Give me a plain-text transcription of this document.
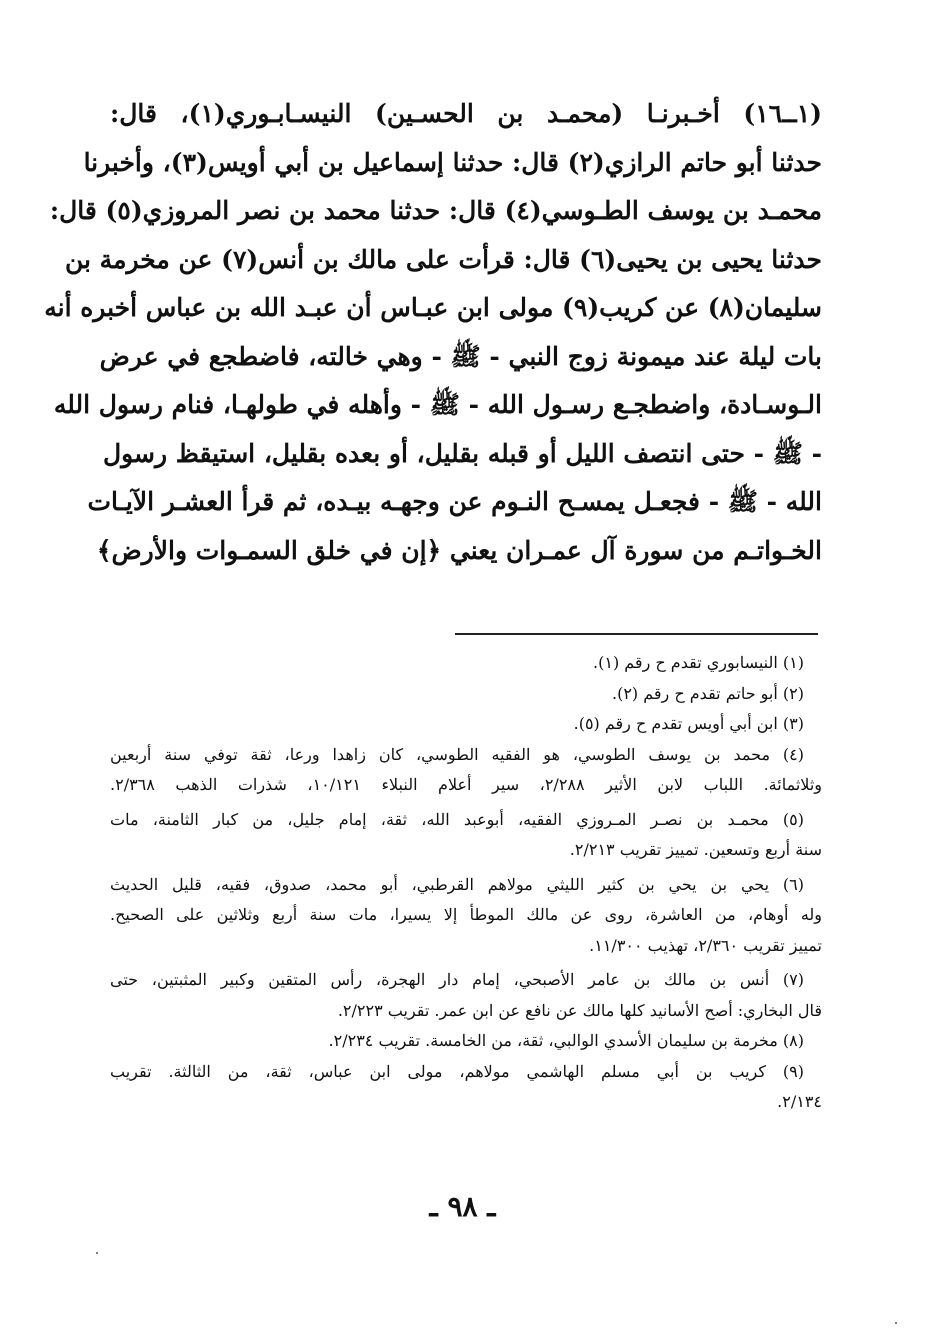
(١ــ١٦) أخـبرنـا (محمـد بن الحسـين) النيسـابـوري(١)، قال:
حدثنا أبو حاتم الرازي(٢) قال: حدثنا إسماعيل بن أبي أويس(٣)، وأخبرنا
محمـد بن يوسف الطـوسي(٤) قال: حدثنا محمد بن نصر المروزي(٥) قال:
حدثنا يحيى بن يحيى(٦) قال: قرأت على مالك بن أنس(٧) عن مخرمة بن
سليمان(٨) عن كريب(٩) مولى ابن عبـاس أن عبـد الله بن عباس أخبره أنه
بات ليلة عند ميمونة زوج النبي - ﷺ - وهي خالته، فاضطجع في عرض
الـوسـادة، واضطجـع رسـول الله - ﷺ - وأهله في طولهـا، فنام رسول الله
- ﷺ - حتى انتصف الليل أو قبله بقليل، أو بعده بقليل، استيقظ رسول
الله - ﷺ - فجعـل يمسـح النـوم عن وجهـه بيـده، ثم قرأ العشـر الآيـات
الخـواتـم من سورة آل عمـران يعني ﴿إن في خلق السمـوات والأرض﴾
(١) النيسابوري تقدم ح رقم (١).
(٢) أبو حاتم تقدم ح رقم (٢).
(٣) ابن أبي أويس تقدم ح رقم (٥).
(٤) محمد بن يوسف الطوسي، هو الفقيه الطوسي، كان زاهدا ورعا، ثقة توفي سنة أربعين
وثلاثمائة. اللباب لابن الأثير ٢/٢٨٨، سير أعلام النبلاء ١٠/١٢١، شذرات الذهب ٢/٣٦٨.
(٥) محمـد بن نصـر المـروزي الفقيه، أبوعبد الله، ثقة، إمام جليل، من كبار الثامنة، مات
سنة أربع وتسعين. تمييز تقريب ٢/٢١٣.
(٦) يحي بن يحي بن كثير الليثي مولاهم القرطبي، أبو محمد، صدوق، فقيه، قليل الحديث
وله أوهام، من العاشرة، روى عن مالك الموطأ إلا يسيرا، مات سنة أربع وثلاثين على الصحيح.
تمييز تقريب ٢/٣٦٠، تهذيب ١١/٣٠٠.
(٧) أنس بن مالك بن عامر الأصبحي، إمام دار الهجرة، رأس المتقين وكبير المثبتين، حتى
قال البخاري: أصح الأسانيد كلها مالك عن نافع عن ابن عمر. تقريب ٢/٢٢٣.
(٨) مخرمة بن سليمان الأسدي الوالبي، ثقة، من الخامسة. تقريب ٢/٢٣٤.
(٩) كريب بن أبي مسلم الهاشمي مولاهم، مولى ابن عباس، ثقة، من الثالثة. تقريب
٢/١٣٤.
ـ ٩٨ ـ
